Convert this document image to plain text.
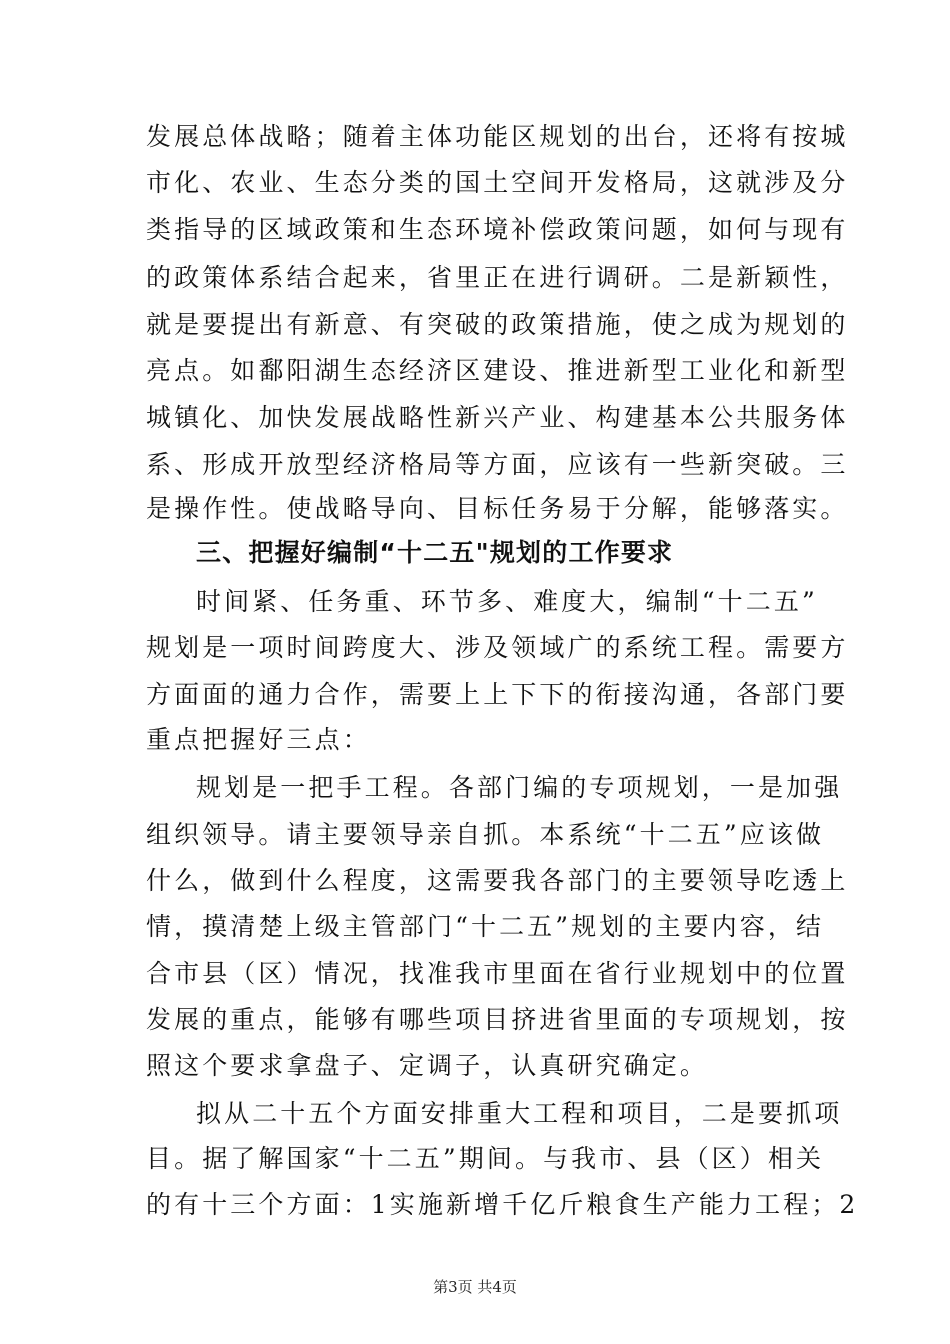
发展总体战略；随着主体功能区规划的出台，还将有按城
市化、农业、生态分类的国土空间开发格局，这就涉及分
类指导的区域政策和生态环境补偿政策问题，如何与现有
的政策体系结合起来，省里正在进行调研。二是新颖性，
就是要提出有新意、有突破的政策措施，使之成为规划的
亮点。如鄱阳湖生态经济区建设、推进新型工业化和新型
城镇化、加快发展战略性新兴产业、构建基本公共服务体
系、形成开放型经济格局等方面，应该有一些新突破。三
是操作性。使战略导向、目标任务易于分解，能够落实。
三、把握好编制“十二五"规划的工作要求
时间紧、任务重、环节多、难度大，编制“十二五”
规划是一项时间跨度大、涉及领域广的系统工程。需要方
方面面的通力合作，需要上上下下的衔接沟通，各部门要
重点把握好三点：
规划是一把手工程。各部门编的专项规划，一是加强
组织领导。请主要领导亲自抓。本系统“十二五”应该做
什么，做到什么程度，这需要我各部门的主要领导吃透上
情，摸清楚上级主管部门“十二五”规划的主要内容，结
合市县（区）情况，找准我市里面在省行业规划中的位置
发展的重点，能够有哪些项目挤进省里面的专项规划，按
照这个要求拿盘子、定调子，认真研究确定。
拟从二十五个方面安排重大工程和项目，二是要抓项
目。据了解国家“十二五”期间。与我市、县（区）相关
的有十三个方面：1实施新增千亿斤粮食生产能力工程；2
第3页 共4页
